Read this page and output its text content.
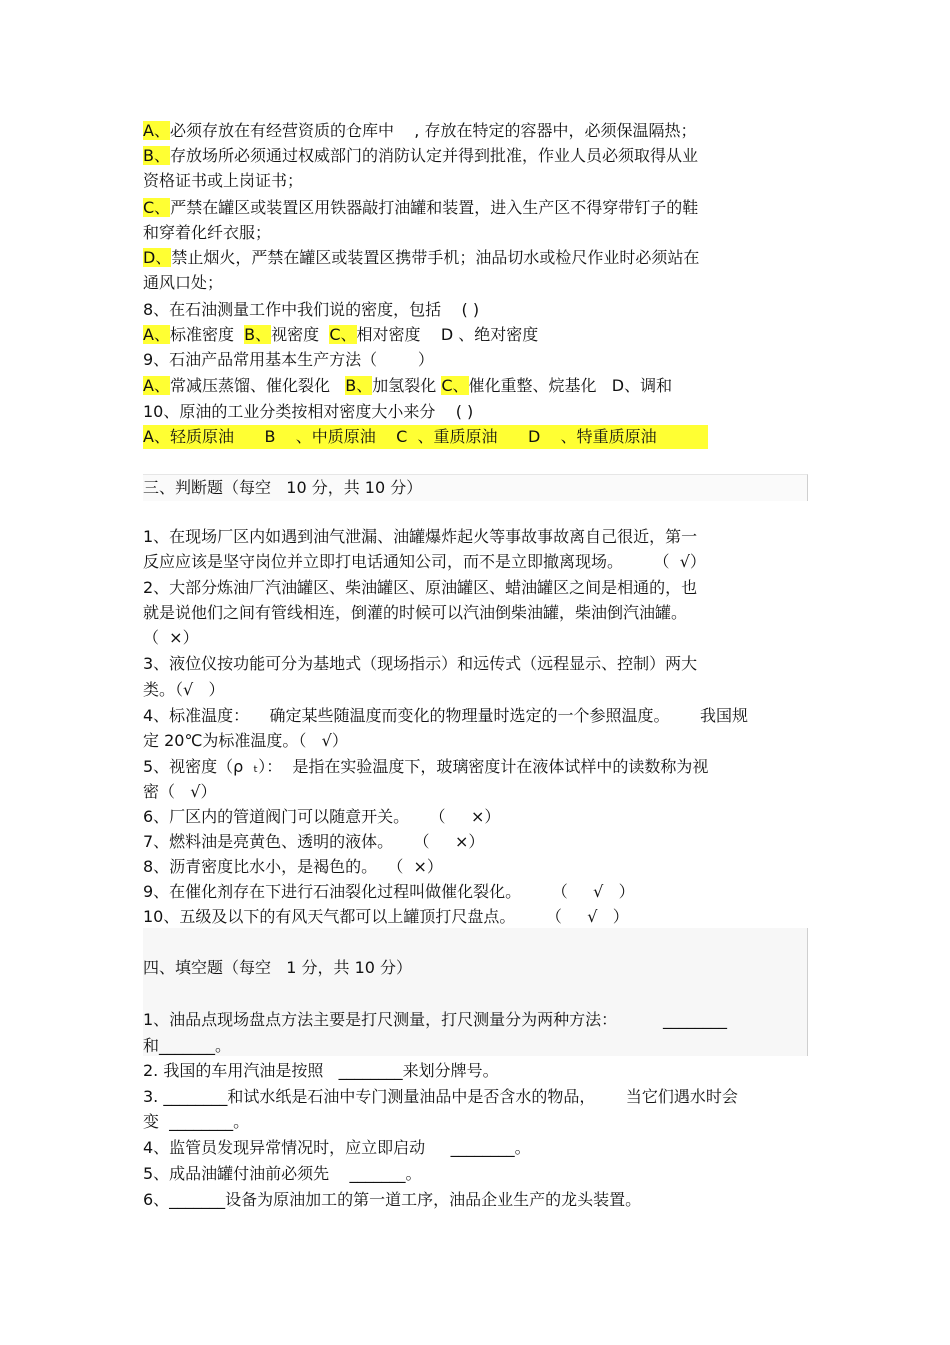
A、必须存放在有经营资质的仓库中    , 存放在特定的容器中，必须保温隔热；
B、存放场所必须通过权威部门的消防认定并得到批准，作业人员必须取得从业
资格证书或上岗证书；
C、严禁在罐区或装置区用铁器敲打油罐和装置，进入生产区不得穿带钉子的鞋
和穿着化纤衣服；
D、禁止烟火，严禁在罐区或装置区携带手机；油品切水或检尺作业时必须站在
通风口处；
8、在石油测量工作中我们说的密度，包括    ( )
A、标准密度 B、视密度 C、相对密度    D 、绝对密度
9、石油产品常用基本生产方法（        ）
A、常减压蒸馏、催化裂化   B、加氢裂化 C、催化重整、烷基化   D、调和
10、原油的工业分类按相对密度大小来分    ( )
A、轻质原油      B    、中质原油    C  、重质原油      D    、特重质原油
三、判断题（每空   10 分，共 10 分）
1、在现场厂区内如遇到油气泄漏、油罐爆炸起火等事故事故离自己很近，第一
反应应该是坚守岗位并立即打电话通知公司，而不是立即撤离现场。      （  √）
2、大部分炼油厂汽油罐区、柴油罐区、原油罐区、蜡油罐区之间是相通的，也
就是说他们之间有管线相连，倒灌的时候可以汽油倒柴油罐，柴油倒汽油罐。
（  ×）
3、液位仪按功能可分为基地式（现场指示）和远传式（远程显示、控制）两大
类。（√   ）
4、标准温度：    确定某些随温度而变化的物理量时选定的一个参照温度。      我国规
定 20℃为标准温度。（   √）
5、视密度（ρ  ₜ）：  是指在实验温度下，玻璃密度计在液体试样中的读数称为视
密（   √）
6、厂区内的管道阀门可以随意开关。    （     ×）
7、燃料油是亮黄色、透明的液体。    （     ×）
8、沥青密度比水小，是褐色的。  （  ×）
9、在催化剂存在下进行石油裂化过程叫做催化裂化。      （     √   ）
10、五级及以下的有风天气都可以上罐顶打尺盘点。      （     √   ）
四、填空题（每空   1 分，共 10 分）
1、油品点现场盘点方法主要是打尺测量，打尺测量分为两种方法：         ________
和_______。
2. 我国的车用汽油是按照   ________来划分牌号。
3. ________和试水纸是石油中专门测量油品中是否含水的物品，      当它们遇水时会
变  ________。
4、监管员发现异常情况时，应立即启动     ________。
5、成品油罐付油前必须先    _______。
6、_______设备为原油加工的第一道工序，油品企业生产的龙头装置。
